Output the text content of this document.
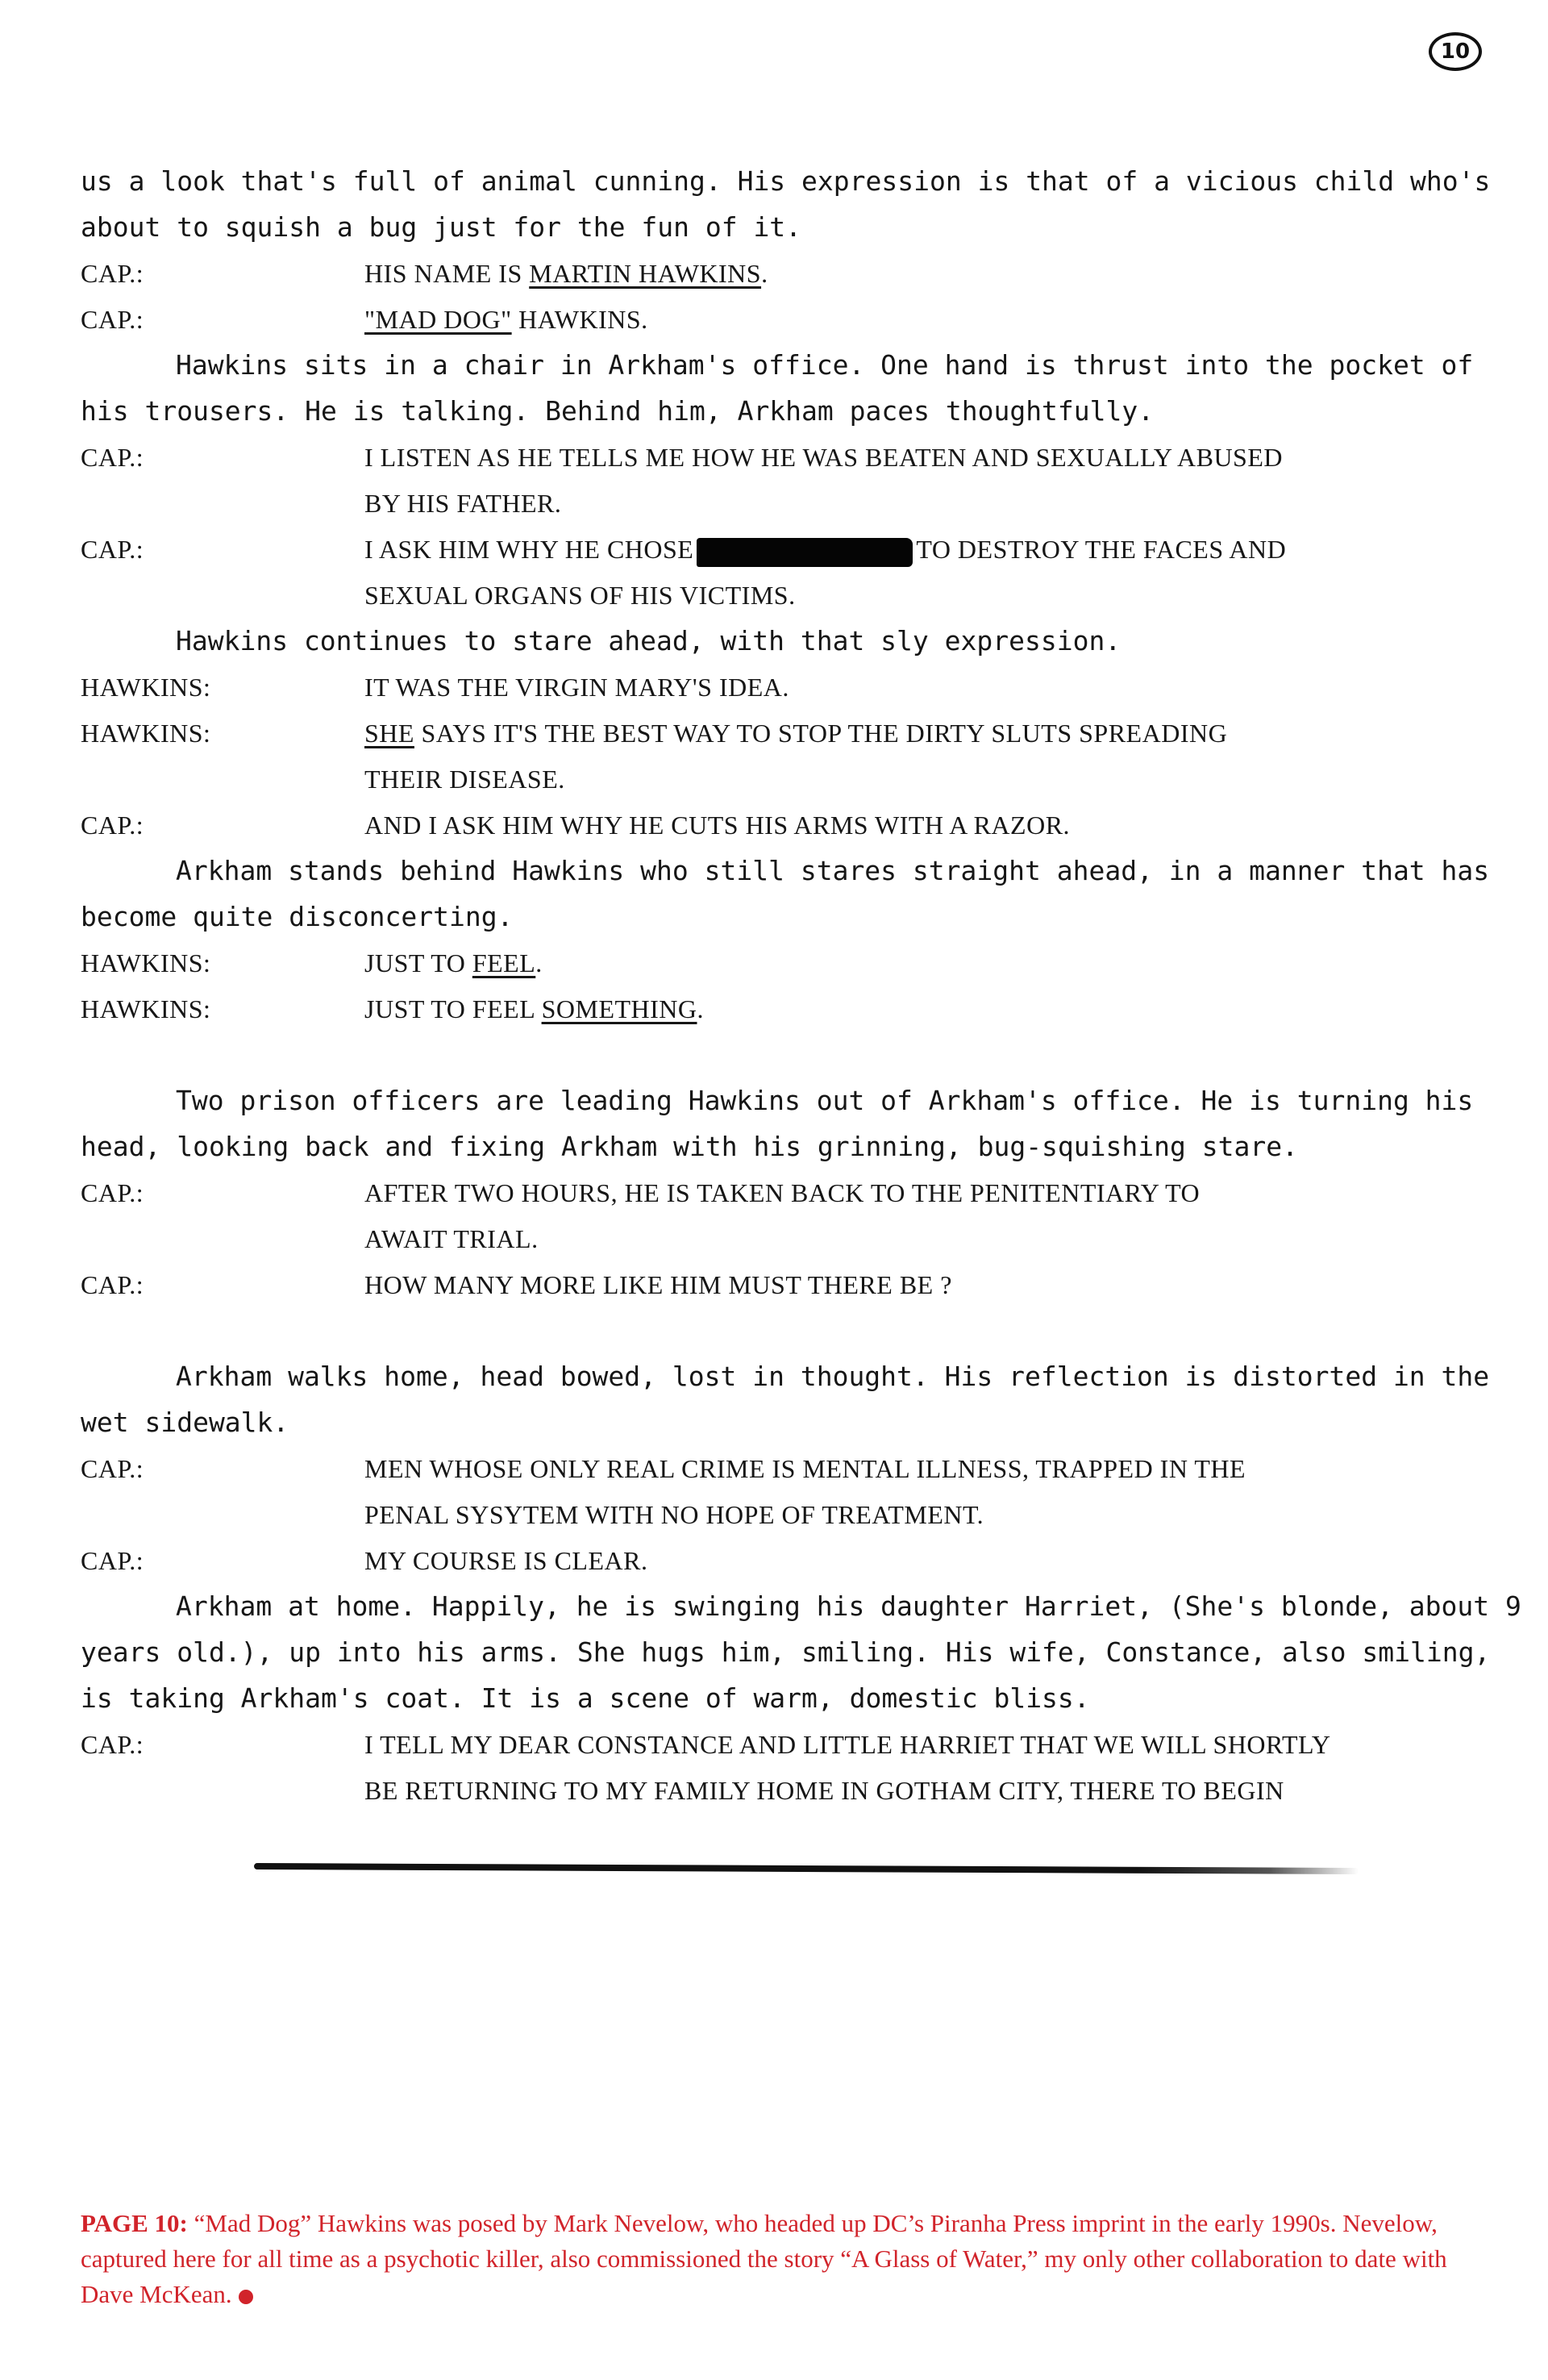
10
us a look that's full of animal cunning. His expression is that of a vicious child who's
about to squish a bug just for the fun of it.
CAP.:	HIS NAME IS MARTIN HAWKINS.
CAP.:	"MAD DOG" HAWKINS.
Hawkins sits in a chair in Arkham's office. One hand is thrust into the pocket of
his trousers. He is talking. Behind him, Arkham paces thoughtfully.
CAP.:	I LISTEN AS HE TELLS ME HOW HE WAS BEATEN AND SEXUALLY ABUSED
BY HIS FATHER.
CAP.:	I ASK HIM WHY HE CHOSE	TO DESTROY THE FACES AND
SEXUAL ORGANS OF HIS VICTIMS.
Hawkins continues to stare ahead, with that sly expression.
HAWKINS:	IT WAS THE VIRGIN MARY'S IDEA.
HAWKINS:	SHE SAYS IT'S THE BEST WAY TO STOP THE DIRTY SLUTS SPREADING
THEIR DISEASE.
CAP.:	AND I ASK HIM WHY HE CUTS HIS ARMS WITH A RAZOR.
Arkham stands behind Hawkins who still stares straight ahead, in a manner that has
become quite disconcerting.
HAWKINS:	JUST TO FEEL.
HAWKINS:	JUST TO FEEL SOMETHING.
Two prison officers are leading Hawkins out of Arkham's office. He is turning his
head, looking back and fixing Arkham with his grinning, bug-squishing stare.
CAP.:	AFTER TWO HOURS, HE IS TAKEN BACK TO THE PENITENTIARY TO
AWAIT TRIAL.
CAP.:	HOW MANY MORE LIKE HIM MUST THERE BE ?
Arkham walks home, head bowed, lost in thought. His reflection is distorted in the
wet sidewalk.
CAP.:	MEN WHOSE ONLY REAL CRIME IS MENTAL ILLNESS, TRAPPED IN THE
PENAL SYSYTEM WITH NO HOPE OF TREATMENT.
CAP.:	MY COURSE IS CLEAR.
Arkham at home. Happily, he is swinging his daughter Harriet, (She's blonde, about 9
years old.), up into his arms. She hugs him, smiling. His wife, Constance, also smiling,
is taking Arkham's coat. It is a scene of warm, domestic bliss.
CAP.:	I TELL MY DEAR CONSTANCE AND LITTLE HARRIET THAT WE WILL SHORTLY
BE RETURNING TO MY FAMILY HOME IN GOTHAM CITY, THERE TO BEGIN
PAGE 10: “Mad Dog” Hawkins was posed by Mark Nevelow, who headed up DC’s Piranha Press imprint in the early 1990s. Nevelow, captured here for all time as a psychotic killer, also commissioned the story “A Glass of Water,” my only other collaboration to date with Dave McKean.
